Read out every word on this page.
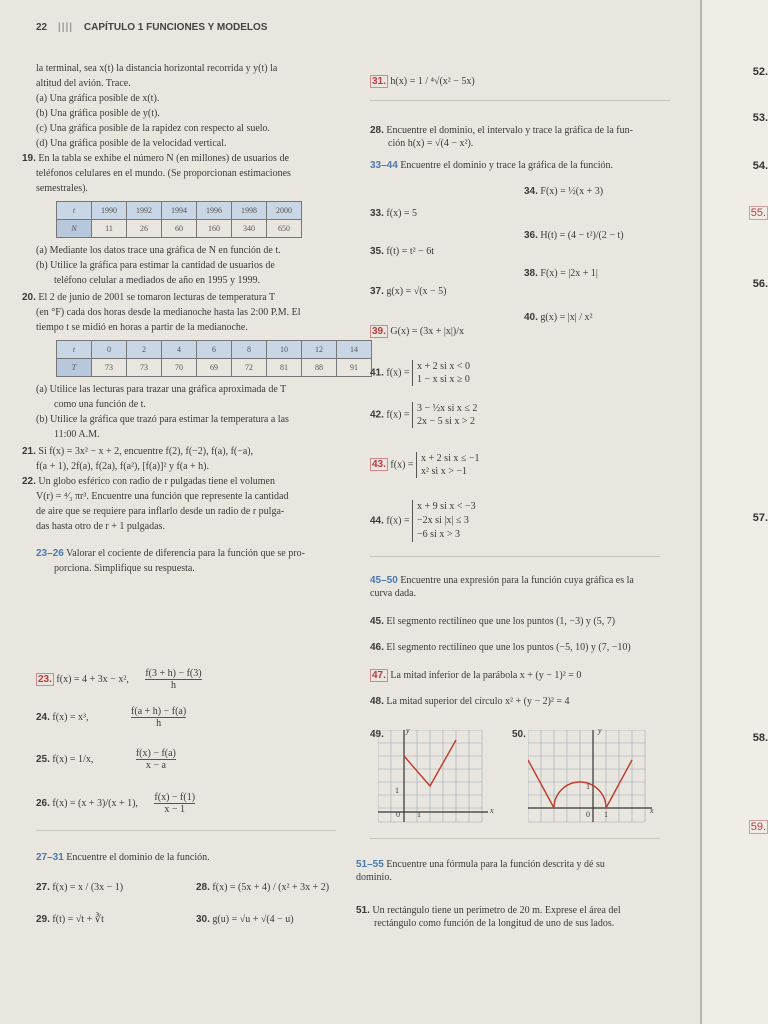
22 |||| CAPÍTULO 1 FUNCIONES Y MODELOS

la terminal, sea x(t) la distancia horizontal recorrida y y(t) la

altitud del avión. Trace.

(a) Una gráfica posible de x(t).

(b) Una gráfica posible de y(t).

(c) Una gráfica posible de la rapidez con respecto al suelo.

(d) Una gráfica posible de la velocidad vertical.

19. En la tabla se exhibe el número N (en millones) de usuarios de

teléfonos celulares en el mundo. (Se proporcionan estimaciones

semestrales).

t	1990	1992	1994	1996	1998	2000
N	11	26	60	160	340	650

(a) Mediante los datos trace una gráfica de N en función de t.

(b) Utilice la gráfica para estimar la cantidad de usuarios de

teléfono celular a mediados de año en 1995 y 1999.

20. El 2 de junio de 2001 se tomaron lecturas de temperatura T

(en °F) cada dos horas desde la medianoche hasta las 2:00 P.M. El

tiempo t se midió en horas a partir de la medianoche.

t	0	2	4	6	8	10	12	14
T	73	73	70	69	72	81	88	91

(a) Utilice las lecturas para trazar una gráfica aproximada de T

como una función de t.

(b) Utilice la gráfica que trazó para estimar la temperatura a las

11:00 A.M.

21. Si f(x) = 3x² − x + 2, encuentre f(2), f(−2), f(a), f(−a),

f(a + 1), 2f(a), f(2a), f(a²), [f(a)]² y f(a + h).

22. Un globo esférico con radio de r pulgadas tiene el volumen

V(r) = ⁴⁄₃ πr³. Encuentre una función que represente la cantidad

de aire que se requiere para inflarlo desde un radio de r pulga-

das hasta otro de r + 1 pulgadas.

23–26 Valorar el cociente de diferencia para la función que se pro-

porciona. Simplifique su respuesta.

23. f(x) = 4 + 3x − x², $\frac{f(3 + h) - f(3)}{h}$
24. f(x) = x³,	$\frac{f(a + h) - f(a)}{h}$
25. f(x) = 1/x,	$\frac{f(x) - f(a)}{x - a}$
26. f(x) = (x + 3)/(x + 1), $\frac{f(x) - f(1)}{x - 1}$
27–31 Encuentre el dominio de la función.
27. f(x) = x / (3x − 1)	28. f(x) = (5x + 4) / (x² + 3x + 2)
29. f(t) = √t + ∛t	30. g(u) = √u + √(4 − u)
31. h(x) = 1 / ⁴√(x² − 5x)
28. Encuentre el dominio, el intervalo y trace la gráfica de la fun-
ción h(x) = √(4 − x²).
33–44 Encuentre el dominio y trace la gráfica de la función.
33. f(x) = 5
34. F(x) = ½(x + 3)
35. f(t) = t² − 6t
36. H(t) = (4 − t²)/(2 − t)
37. g(x) = √(x − 5)
38. F(x) = |2x + 1|
39. G(x) = (3x + |x|)/x
40. g(x) = |x| / x²
41. f(x) =
x + 2 si x < 0
1 − x si x ≥ 0
42. f(x) =
3 − ½x si x ≤ 2
2x − 5 si x > 2
43. f(x) =
x + 2 si x ≤ −1
x² si x > −1
44. f(x) =
x + 9 si x < −3
−2x si |x| ≤ 3
−6 si x > 3
45–50 Encuentre una expresión para la función cuya gráfica es la
curva dada.
45. El segmento rectilíneo que une los puntos (1, −3) y (5, 7)
46. El segmento rectilíneo que une los puntos (−5, 10) y (7, −10)
47. La mitad inferior de la parábola x + (y − 1)² = 0
48. La mitad superior del círculo x² + (y − 2)² = 4
49.	y
x
1
0 1
50.	y
x
1
0 1
51–55 Encuentre una fórmula para la función descrita y dé su
dominio.
51. Un rectángulo tiene un perímetro de 20 m. Exprese el área del
rectángulo como función de la longitud de uno de sus lados.
52.
53.
54.
55.
56.
57.
58.
59.
